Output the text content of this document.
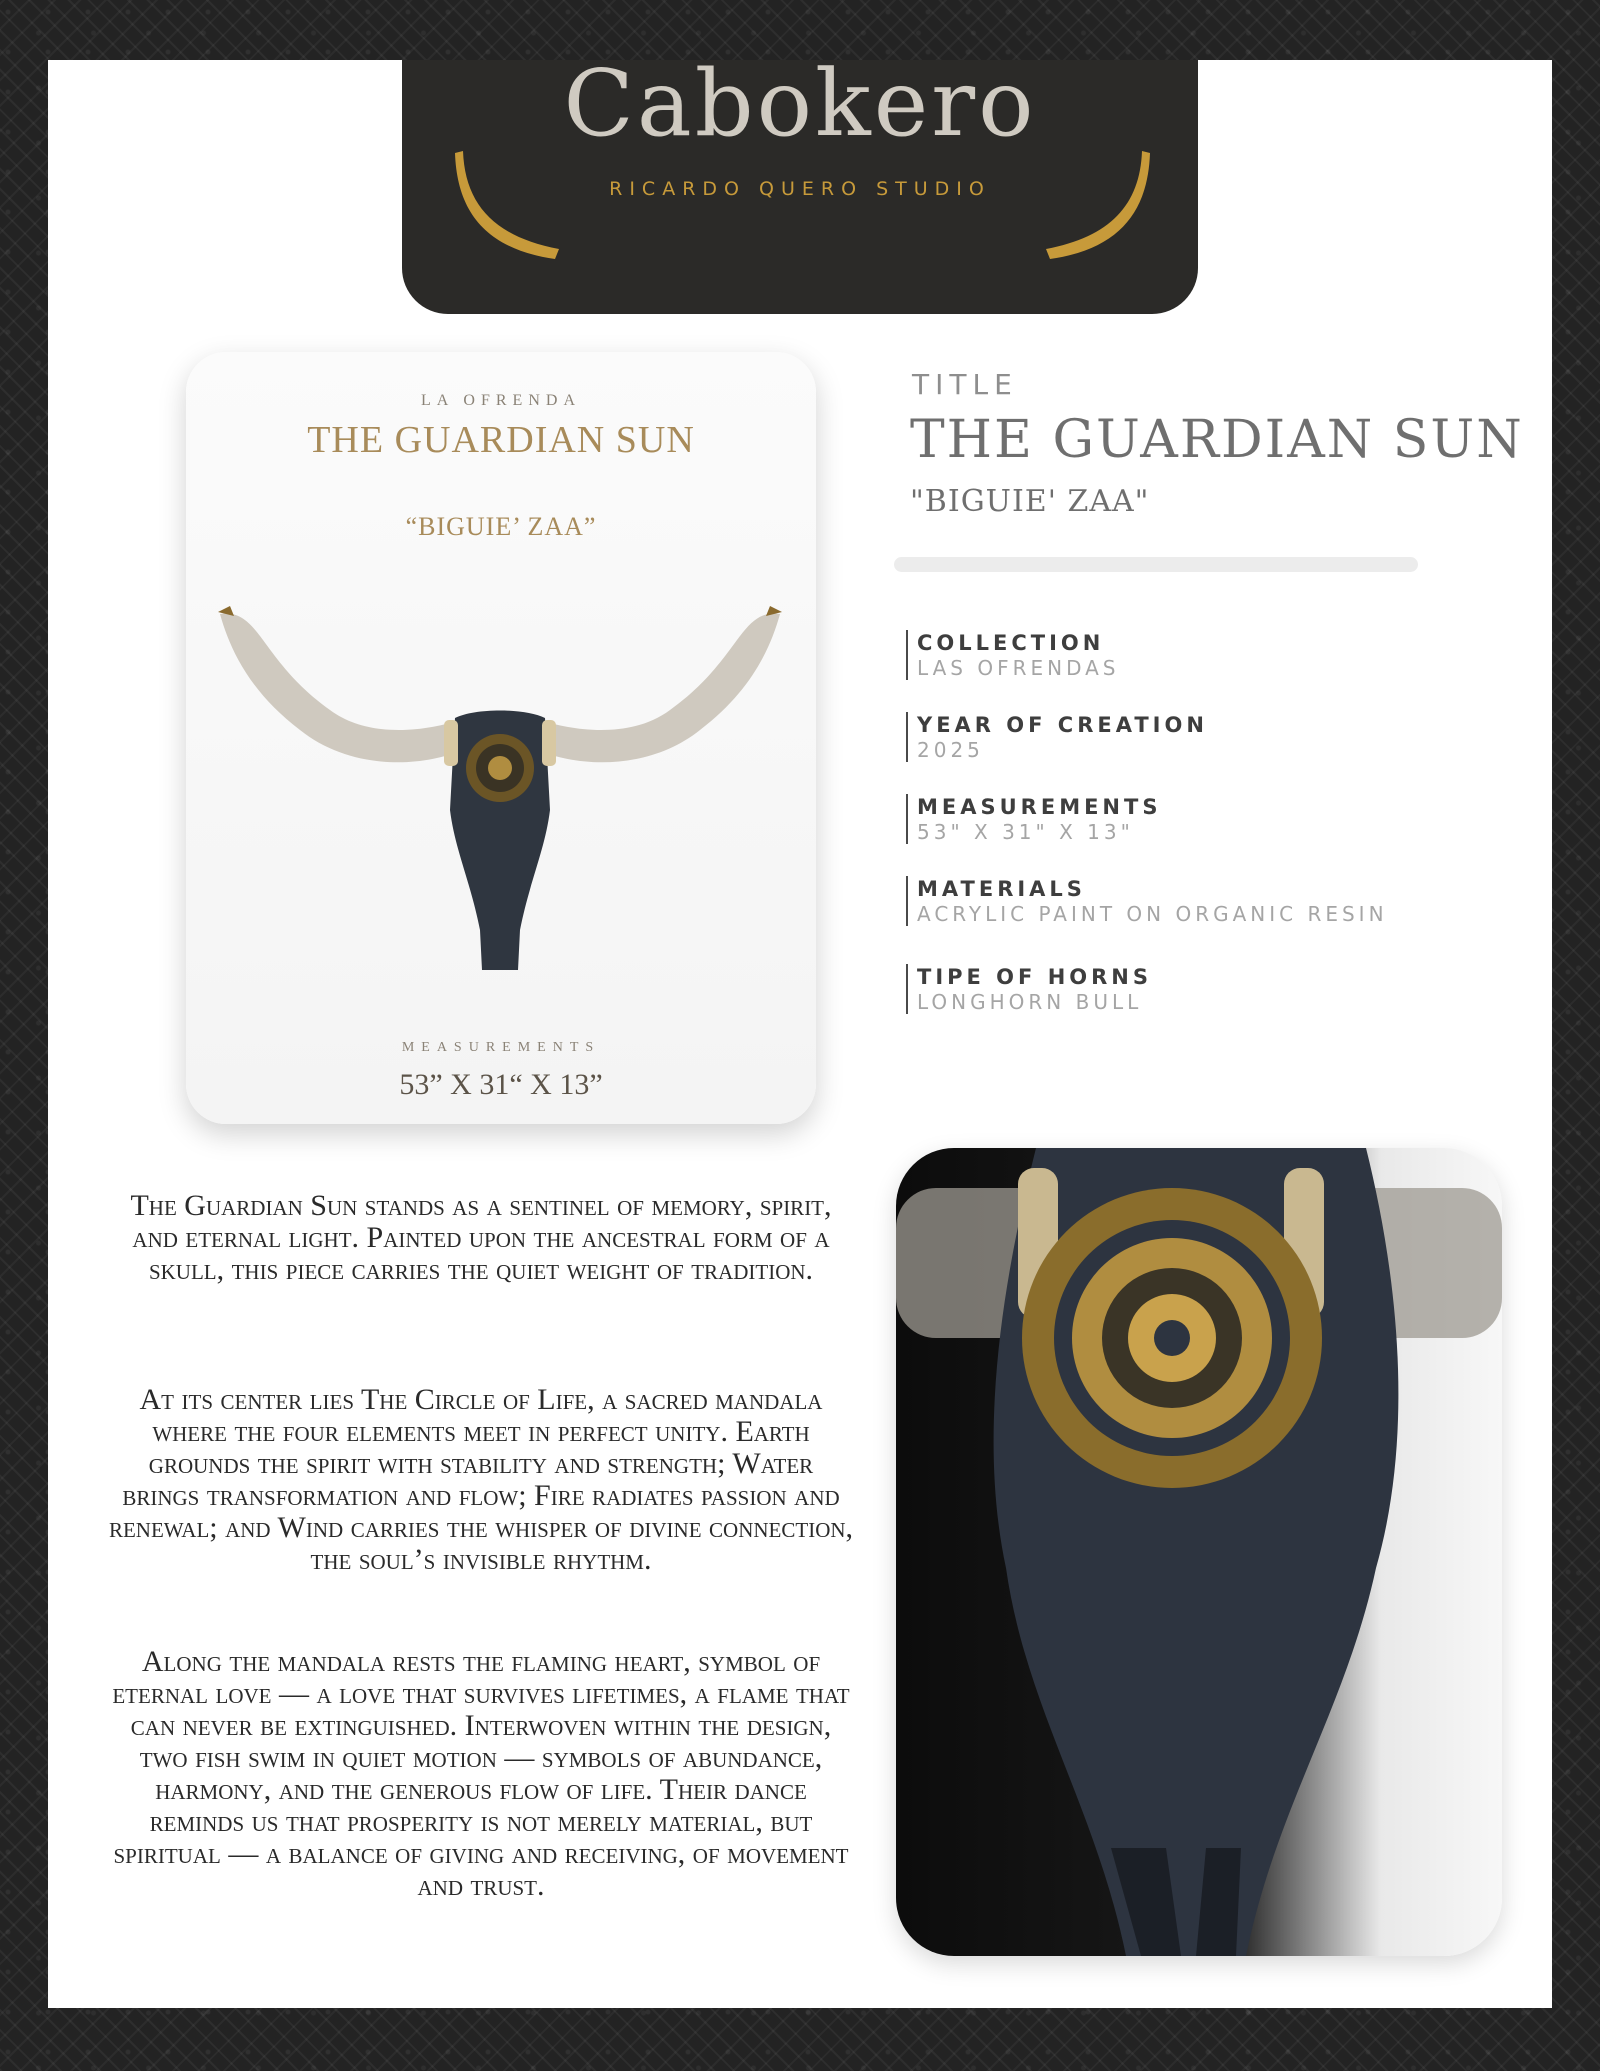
Cabokero
RICARDO QUERO STUDIO
LA OFRENDA
THE GUARDIAN SUN
“BIGUIE’ ZAA”
MEASUREMENTS
53” X 31“ X 13”
TITLE
THE GUARDIAN SUN
"BIGUIE' ZAA"
COLLECTION
LAS OFRENDAS
YEAR OF CREATION
2025
MEASUREMENTS
53" X 31" X 13"
MATERIALS
ACRYLIC PAINT ON ORGANIC RESIN
TIPE OF HORNS
LONGHORN BULL
The Guardian Sun stands as a sentinel of memory, spirit, and eternal light. Painted upon the ancestral form of a skull, this piece carries the quiet weight of tradition.
At its center lies The Circle of Life, a sacred mandala where the four elements meet in perfect unity. Earth grounds the spirit with stability and strength; Water brings transformation and flow; Fire radiates passion and renewal; and Wind carries the whisper of divine connection, the soul’s invisible rhythm.
Along the mandala rests the flaming heart, symbol of eternal love — a love that survives lifetimes, a flame that can never be extinguished. Interwoven within the design, two fish swim in quiet motion — symbols of abundance, harmony, and the generous flow of life. Their dance reminds us that prosperity is not merely material, but spiritual — a balance of giving and receiving, of movement and trust.
